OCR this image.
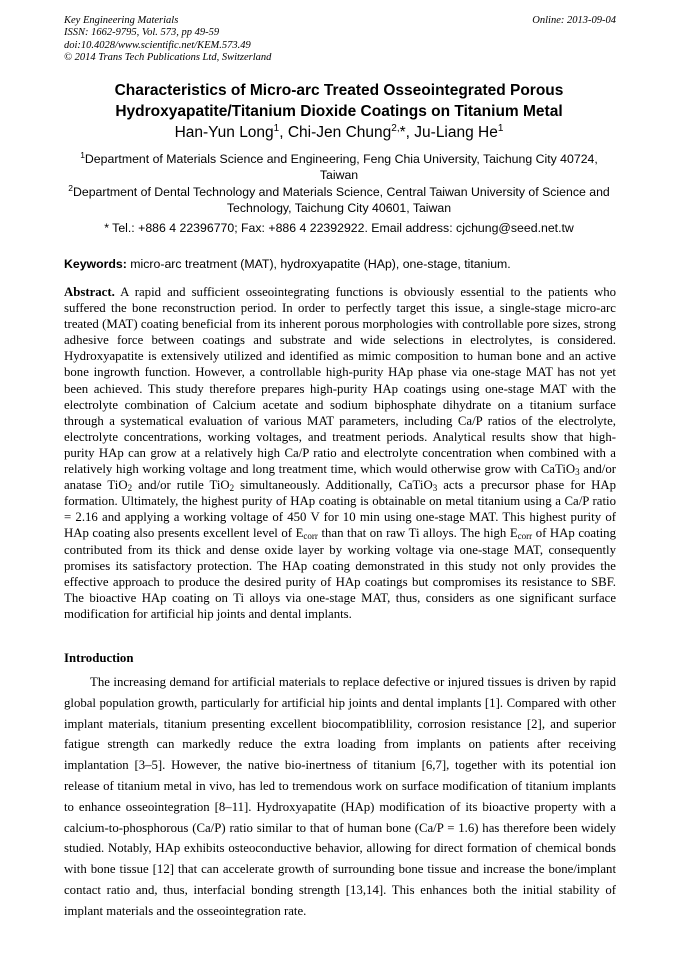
Key Engineering Materials
ISSN: 1662-9795, Vol. 573, pp 49-59
doi:10.4028/www.scientific.net/KEM.573.49
© 2014 Trans Tech Publications Ltd, Switzerland
Online: 2013-09-04
Characteristics of Micro-arc Treated Osseointegrated Porous
Hydroxyapatite/Titanium Dioxide Coatings on Titanium Metal
Han-Yun Long$^1$, Chi-Jen Chung$^{2,}$*, Ju-Liang He$^1$
$^1$Department of Materials Science and Engineering, Feng Chia University, Taichung City 40724, Taiwan
$^2$Department of Dental Technology and Materials Science, Central Taiwan University of Science and Technology, Taichung City 40601, Taiwan
* Tel.: +886 4 22396770; Fax: +886 4 22392922. Email address: cjchung@seed.net.tw
Keywords: micro-arc treatment (MAT), hydroxyapatite (HAp), one-stage, titanium.
Abstract. A rapid and sufficient osseointegrating functions is obviously essential to the patients who suffered the bone reconstruction period. In order to perfectly target this issue, a single-stage micro-arc treated (MAT) coating beneficial from its inherent porous morphologies with controllable pore sizes, strong adhesive force between coatings and substrate and wide selections in electrolytes, is considered. Hydroxyapatite is extensively utilized and identified as mimic composition to human bone and an active bone ingrowth function. However, a controllable high-purity HAp phase via one-stage MAT has not yet been achieved. This study therefore prepares high-purity HAp coatings using one-stage MAT with the electrolyte combination of Calcium acetate and sodium biphosphate dihydrate on a titanium surface through a systematical evaluation of various MAT parameters, including Ca/P ratios of the electrolyte, electrolyte concentrations, working voltages, and treatment periods. Analytical results show that high-purity HAp can grow at a relatively high Ca/P ratio and electrolyte concentration when combined with a relatively high working voltage and long treatment time, which would otherwise grow with CaTiO$_3$ and/or anatase TiO$_2$ and/or rutile TiO$_2$ simultaneously. Additionally, CaTiO$_3$ acts a precursor phase for HAp formation. Ultimately, the highest purity of HAp coating is obtainable on metal titanium using a Ca/P ratio = 2.16 and applying a working voltage of 450 V for 10 min using one-stage MAT. This highest purity of HAp coating also presents excellent level of $E_{corr}$ than that on raw Ti alloys. The high $E_{corr}$ of HAp coating contributed from its thick and dense oxide layer by working voltage via one-stage MAT, consequently promises its satisfactory protection. The HAp coating demonstrated in this study not only provides the effective approach to produce the desired purity of HAp coatings but compromises its resistance to SBF. The bioactive HAp coating on Ti alloys via one-stage MAT, thus, considers as one significant surface modification for artificial hip joints and dental implants.
Introduction

The increasing demand for artificial materials to replace defective or injured tissues is driven by rapid global population growth, particularly for artificial hip joints and dental implants [1]. Compared with other implant materials, titanium presenting excellent biocompatiblility, corrosion resistance [2], and superior fatigue strength can markedly reduce the extra loading from implants on patients after receiving implantation [3–5]. However, the native bio-inertness of titanium [6,7], together with its potential ion release of titanium metal in vivo, has led to tremendous work on surface modification of titanium implants to enhance osseointegration [8–11]. Hydroxyapatite (HAp) modification of its bioactive property with a calcium-to-phosphorous (Ca/P) ratio similar to that of human bone (Ca/P = 1.6) has therefore been widely studied. Notably, HAp exhibits osteoconductive behavior, allowing for direct formation of chemical bonds with bone tissue [12] that can accelerate growth of surrounding bone tissue and increase the bone/implant contact ratio and, thus, interfacial bonding strength [13,14]. This enhances both the initial stability of implant materials and the osseointegration rate.
